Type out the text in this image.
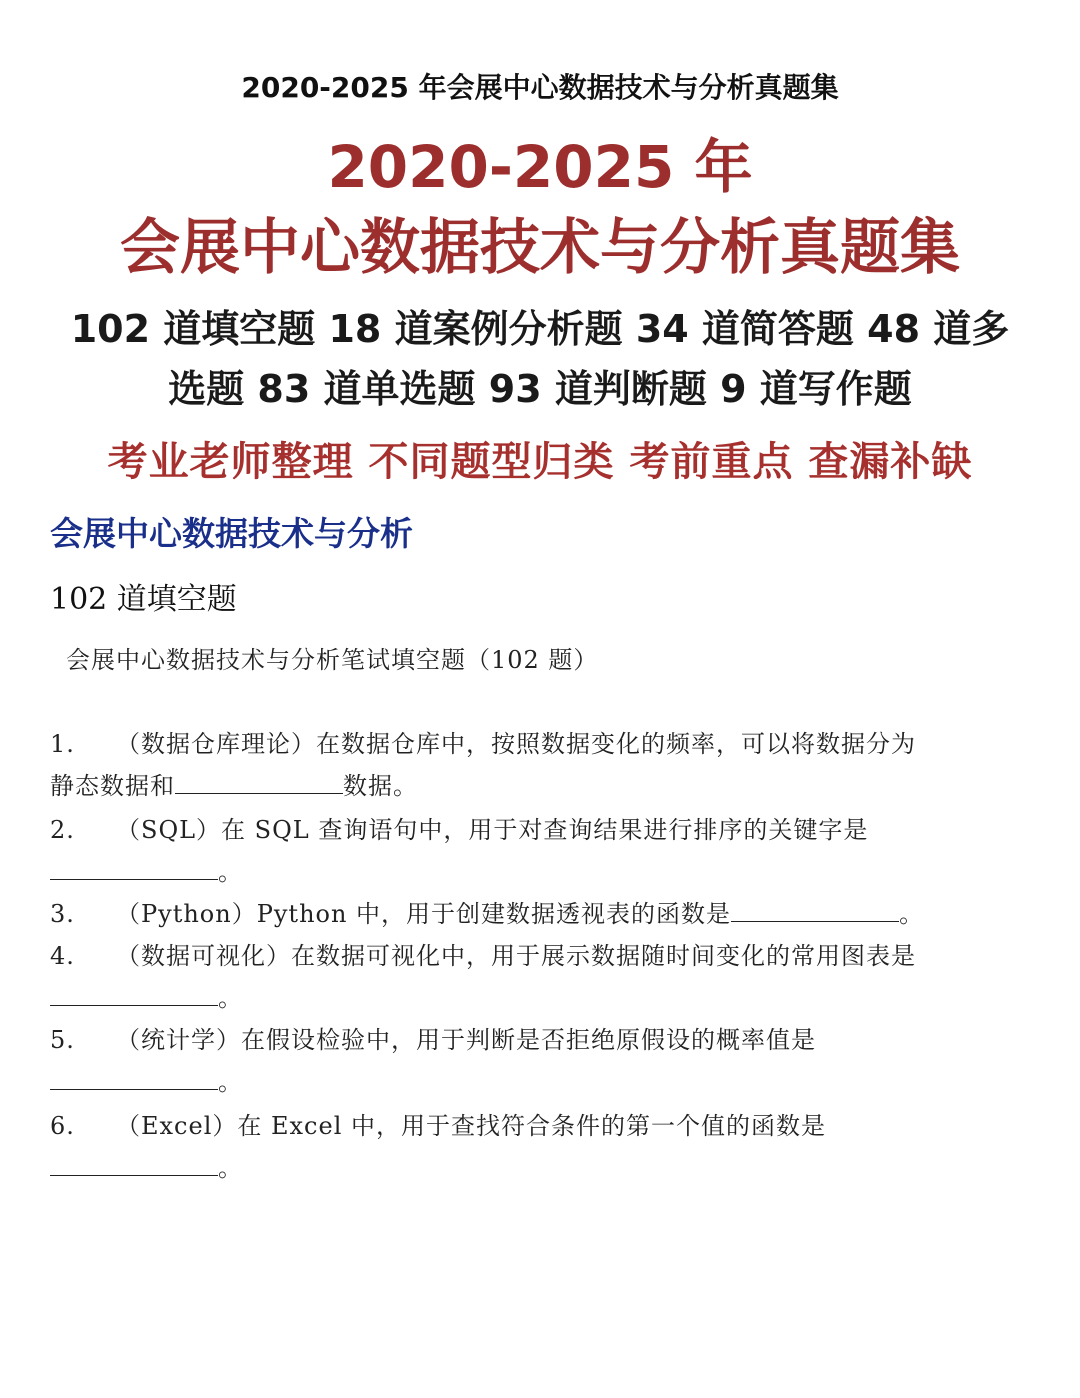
2020-2025 年会展中心数据技术与分析真题集
2020-2025 年
会展中心数据技术与分析真题集
102 道填空题 18 道案例分析题 34 道简答题 48 道多
选题 83 道单选题 93 道判断题 9 道写作题
考业老师整理 不同题型归类 考前重点 查漏补缺
会展中心数据技术与分析
102 道填空题
会展中心数据技术与分析笔试填空题（102 题）
1. （数据仓库理论）在数据仓库中，按照数据变化的频率，可以将数据分为
静态数据和	数据。
2. （SQL）在 SQL 查询语句中，用于对查询结果进行排序的关键字是
。
3. （Python）Python 中，用于创建数据透视表的函数是	。
4. （数据可视化）在数据可视化中，用于展示数据随时间变化的常用图表是
。
5. （统计学）在假设检验中，用于判断是否拒绝原假设的概率值是
。
6. （Excel）在 Excel 中，用于查找符合条件的第一个值的函数是
。
